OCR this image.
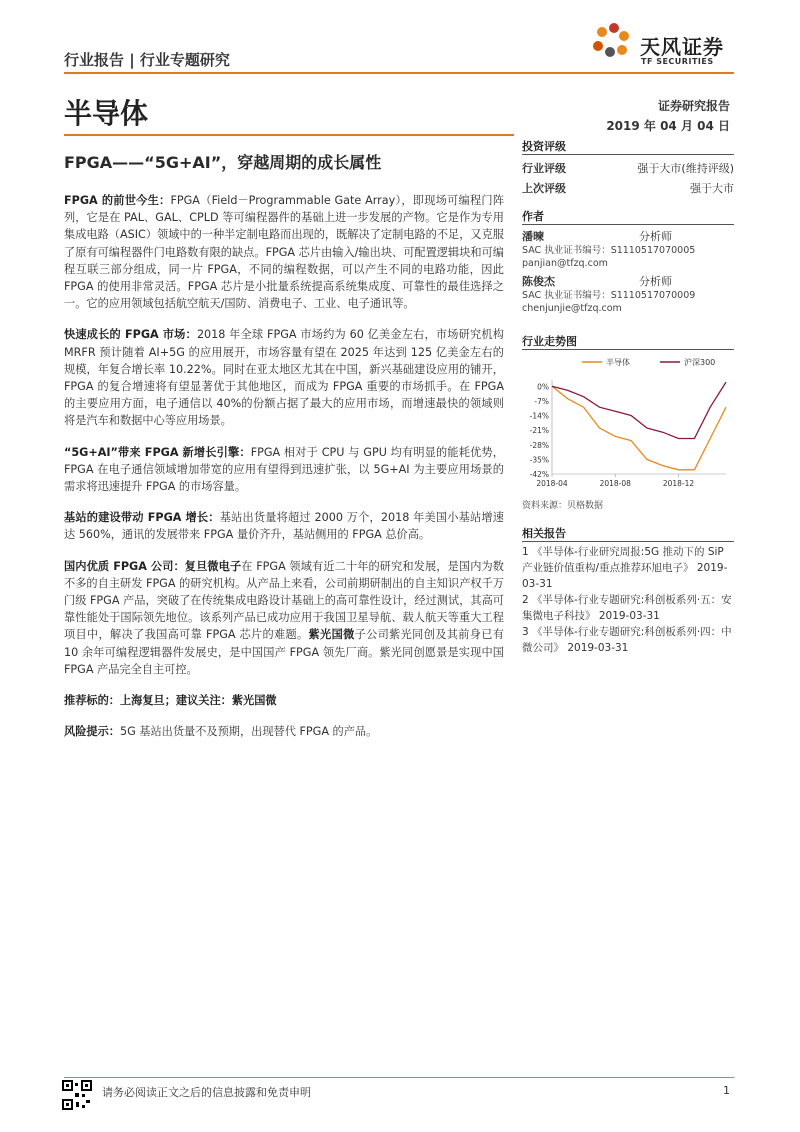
行业报告 | 行业专题研究
天风证券
TF SECURITIES
半导体	证券研究报告
2019 年 04 月 04 日
FPGA——“5G+AI”，穿越周期的成长属性

FPGA 的前世今生：FPGA（Field－Programmable Gate Array），即现场可编程门阵列，它是在 PAL、GAL、CPLD 等可编程器件的基础上进一步发展的产物。它是作为专用集成电路（ASIC）领域中的一种半定制电路而出现的，既解决了定制电路的不足，又克服了原有可编程器件门电路数有限的缺点。FPGA 芯片由输入/输出块、可配置逻辑块和可编程互联三部分组成，同一片 FPGA，不同的编程数据，可以产生不同的电路功能，因此 FPGA 的使用非常灵活。FPGA 芯片是小批量系统提高系统集成度、可靠性的最佳选择之一。它的应用领域包括航空航天/国防、消费电子、工业、电子通讯等。

快速成长的 FPGA 市场：2018 年全球 FPGA 市场约为 60 亿美金左右，市场研究机构 MRFR 预计随着 AI+5G 的应用展开，市场容量有望在 2025 年达到 125 亿美金左右的规模，年复合增长率 10.22%。同时在亚太地区尤其在中国，新兴基础建设应用的铺开，FPGA 的复合增速将有望显著优于其他地区，而成为 FPGA 重要的市场抓手。在 FPGA 的主要应用方面，电子通信以 40%的份额占据了最大的应用市场，而增速最快的领域则将是汽车和数据中心等应用场景。

“5G+AI”带来 FPGA 新增长引擎：FPGA 相对于 CPU 与 GPU 均有明显的能耗优势，FPGA 在电子通信领域增加带宽的应用有望得到迅速扩张，以 5G+AI 为主要应用场景的需求将迅速提升 FPGA 的市场容量。

基站的建设带动 FPGA 增长：基站出货量将超过 2000 万个，2018 年美国小基站增速达 560%，通讯的发展带来 FPGA 量价齐升，基站侧用的 FPGA 总价高。

国内优质 FPGA 公司：复旦微电子在 FPGA 领域有近二十年的研究和发展，是国内为数不多的自主研发 FPGA 的研究机构。从产品上来看，公司前期研制出的自主知识产权千万门级 FPGA 产品，突破了在传统集成电路设计基础上的高可靠性设计，经过测试，其高可靠性能处于国际领先地位。该系列产品已成功应用于我国卫星导航、载人航天等重大工程项目中，解决了我国高可靠 FPGA 芯片的难题。紫光国微子公司紫光同创及其前身已有 10 余年可编程逻辑器件发展史，是中国国产 FPGA 领先厂商。紫光同创愿景是实现中国 FPGA 产品完全自主可控。

推荐标的：上海复旦；建议关注：紫光国微

风险提示：5G 基站出货量不及预期，出现替代 FPGA 的产品。

投资评级
行业评级	强于大市(维持评级)
上次评级	强于大市
作者
潘暕	分析师
SAC 执业证书编号：S1110517070005
panjian@tfzq.com
陈俊杰	分析师
SAC 执业证书编号：S1110517070009
chenjunjie@tfzq.com
行业走势图
半导体	沪深300
0%
-7%
-14%
-21%
-28%
-35%
-42%
2018-04	2018-08	2018-12
资料来源：贝格数据
相关报告
1 《半导体-行业研究周报:5G 推动下的 SiP 产业链价值重构/重点推荐环旭电子》 2019-03-31
2 《半导体-行业专题研究:科创板系列·五：安集微电子科技》 2019-03-31
3 《半导体-行业专题研究:科创板系列·四：中微公司》 2019-03-31
请务必阅读正文之后的信息披露和免责申明	1
